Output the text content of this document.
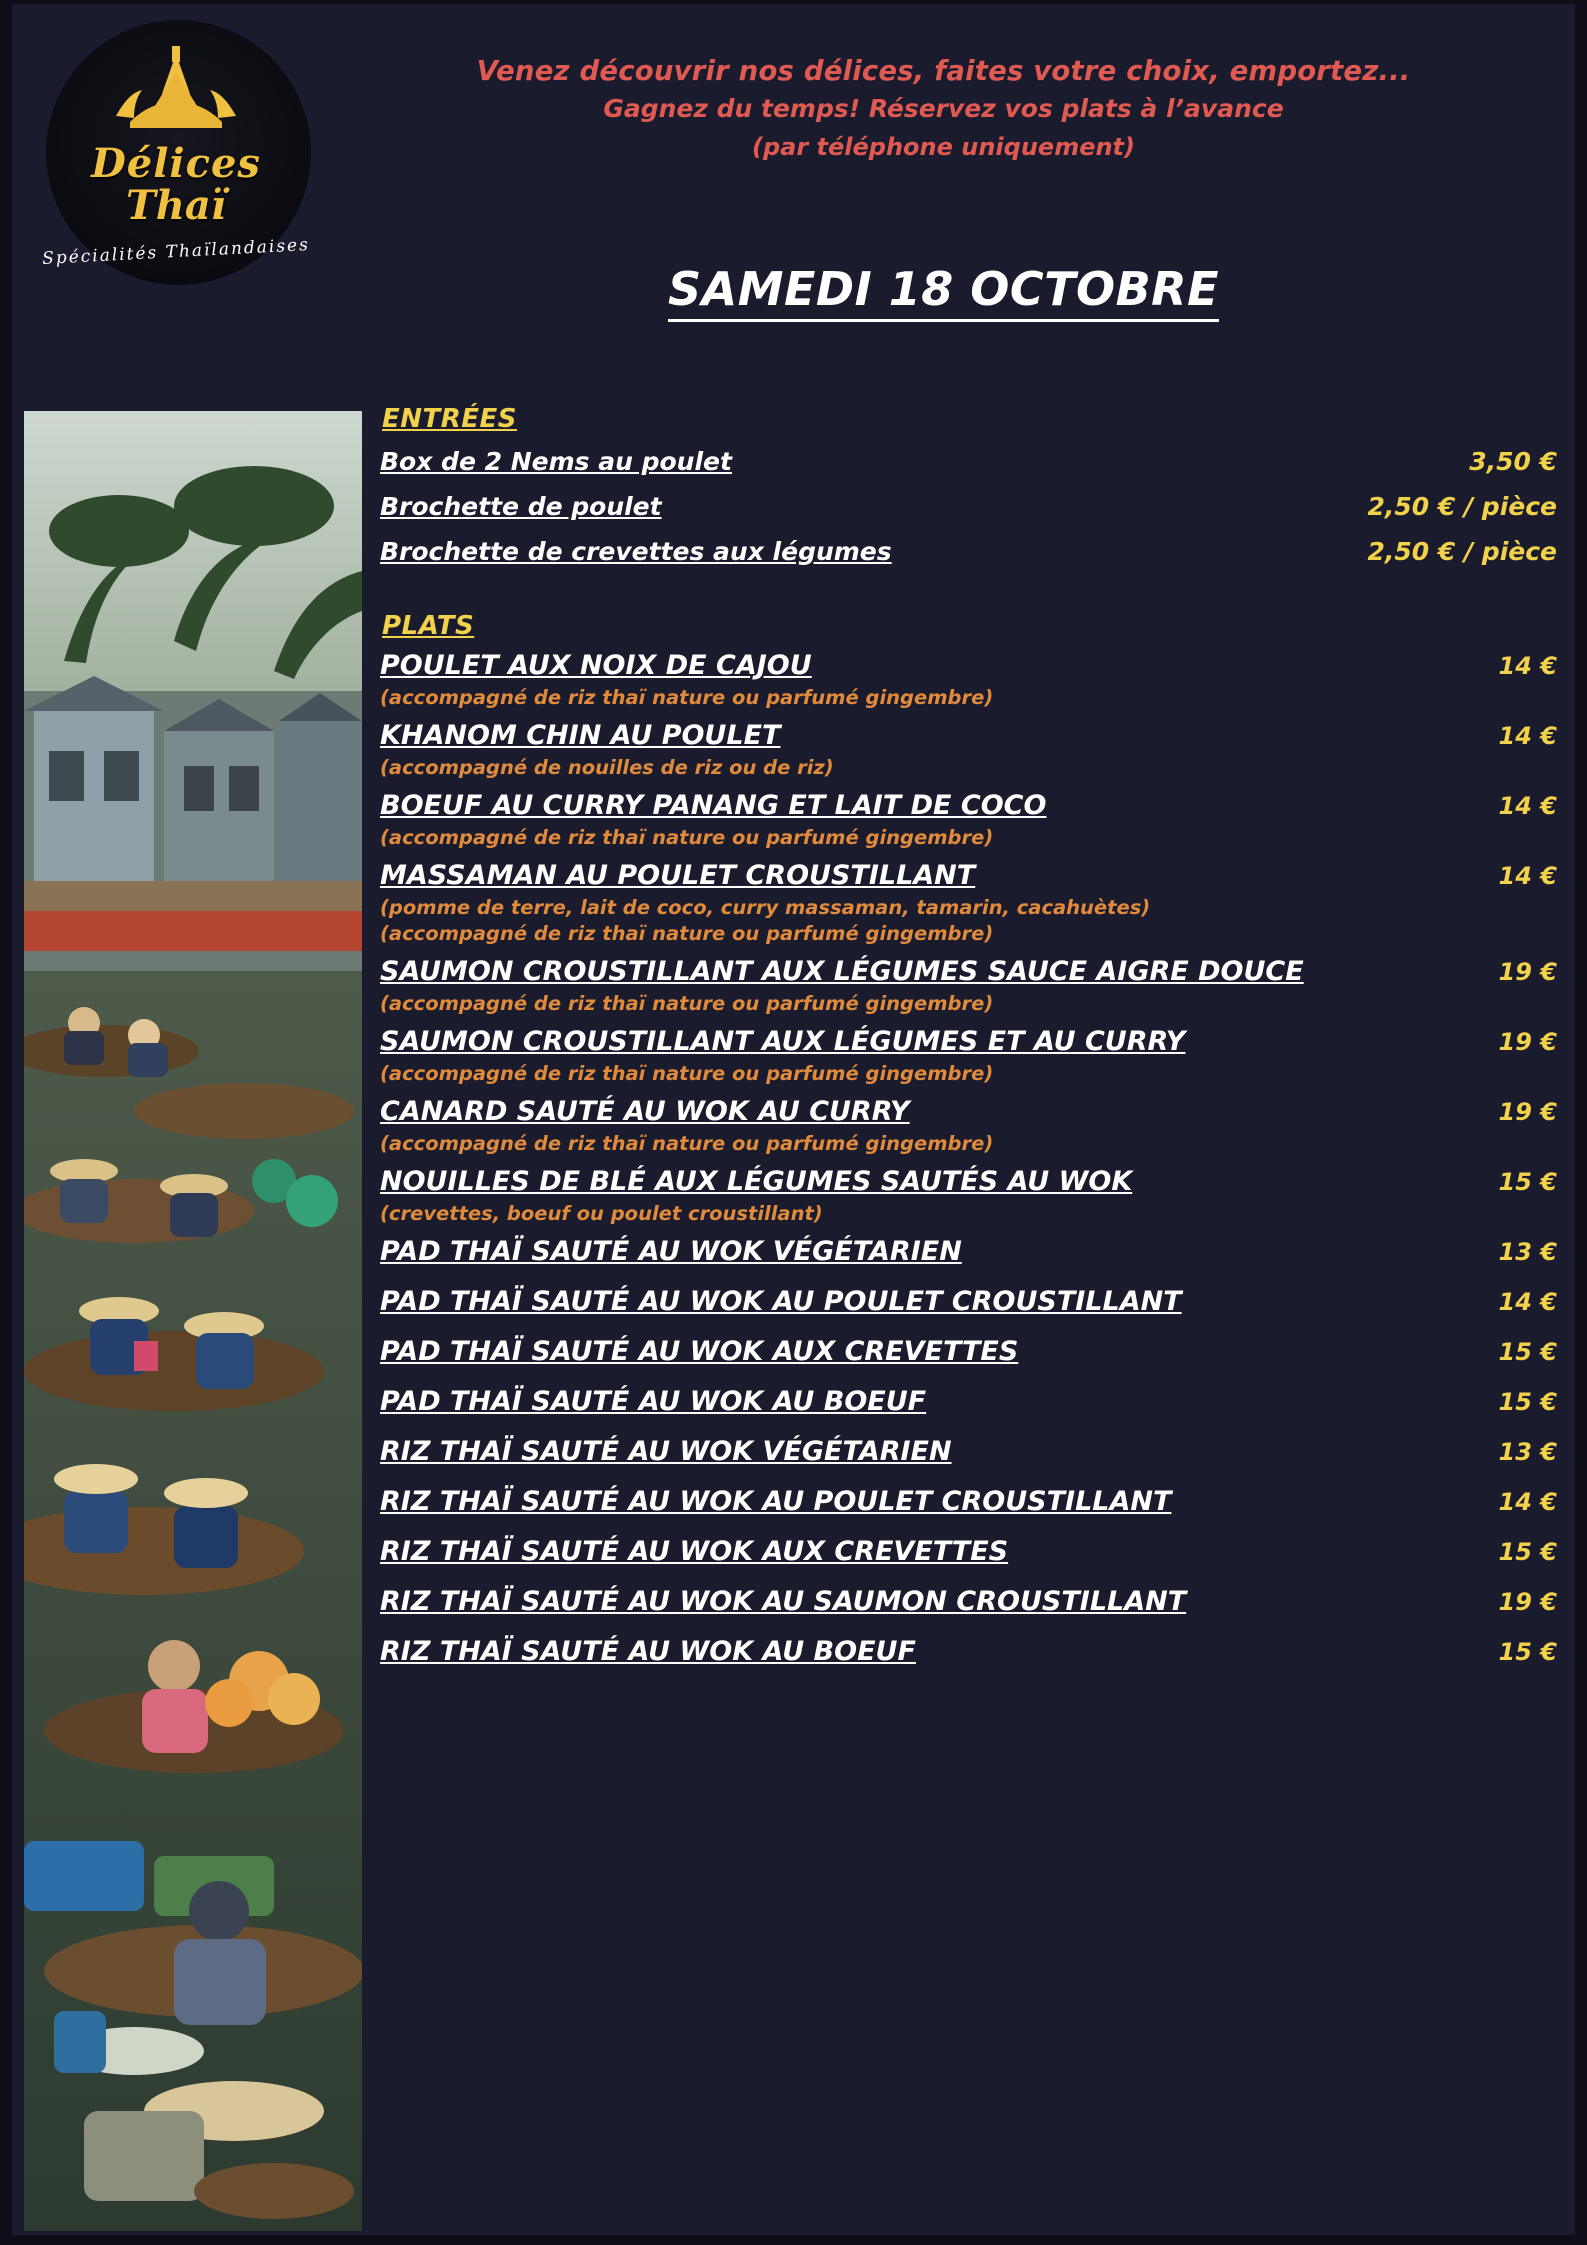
Délices
Thaï
Spécialités Thaïlandaises
Venez découvrir nos délices, faites votre choix, emportez...
Gagnez du temps! Réservez vos plats à l’avance
(par téléphone uniquement)
SAMEDI 18 OCTOBRE
ENTRÉES
Box de 2 Nems au poulet	3,50 €
Brochette de poulet	2,50 € / pièce
Brochette de crevettes aux légumes	2,50 € / pièce
PLATS
POULET AUX NOIX DE CAJOU	14 €
(accompagné de riz thaï nature ou parfumé gingembre)
KHANOM CHIN AU POULET	14 €
(accompagné de nouilles de riz ou de riz)
BOEUF AU CURRY PANANG ET LAIT DE COCO	14 €
(accompagné de riz thaï nature ou parfumé gingembre)
MASSAMAN AU POULET CROUSTILLANT	14 €
(pomme de terre, lait de coco, curry massaman, tamarin, cacahuètes)
(accompagné de riz thaï nature ou parfumé gingembre)
SAUMON CROUSTILLANT AUX LÉGUMES SAUCE AIGRE DOUCE	19 €
(accompagné de riz thaï nature ou parfumé gingembre)
SAUMON CROUSTILLANT AUX LÉGUMES ET AU CURRY	19 €
(accompagné de riz thaï nature ou parfumé gingembre)
CANARD SAUTÉ AU WOK AU CURRY	19 €
(accompagné de riz thaï nature ou parfumé gingembre)
NOUILLES DE BLÉ AUX LÉGUMES SAUTÉS AU WOK	15 €
(crevettes, boeuf ou poulet croustillant)
PAD THAÏ SAUTÉ AU WOK VÉGÉTARIEN	13 €
PAD THAÏ SAUTÉ AU WOK AU POULET CROUSTILLANT	14 €
PAD THAÏ SAUTÉ AU WOK AUX CREVETTES	15 €
PAD THAÏ SAUTÉ AU WOK AU BOEUF	15 €
RIZ THAÏ SAUTÉ AU WOK VÉGÉTARIEN	13 €
RIZ THAÏ SAUTÉ AU WOK AU POULET CROUSTILLANT	14 €
RIZ THAÏ SAUTÉ AU WOK AUX CREVETTES	15 €
RIZ THAÏ SAUTÉ AU WOK AU SAUMON CROUSTILLANT	19 €
RIZ THAÏ SAUTÉ AU WOK AU BOEUF	15 €
